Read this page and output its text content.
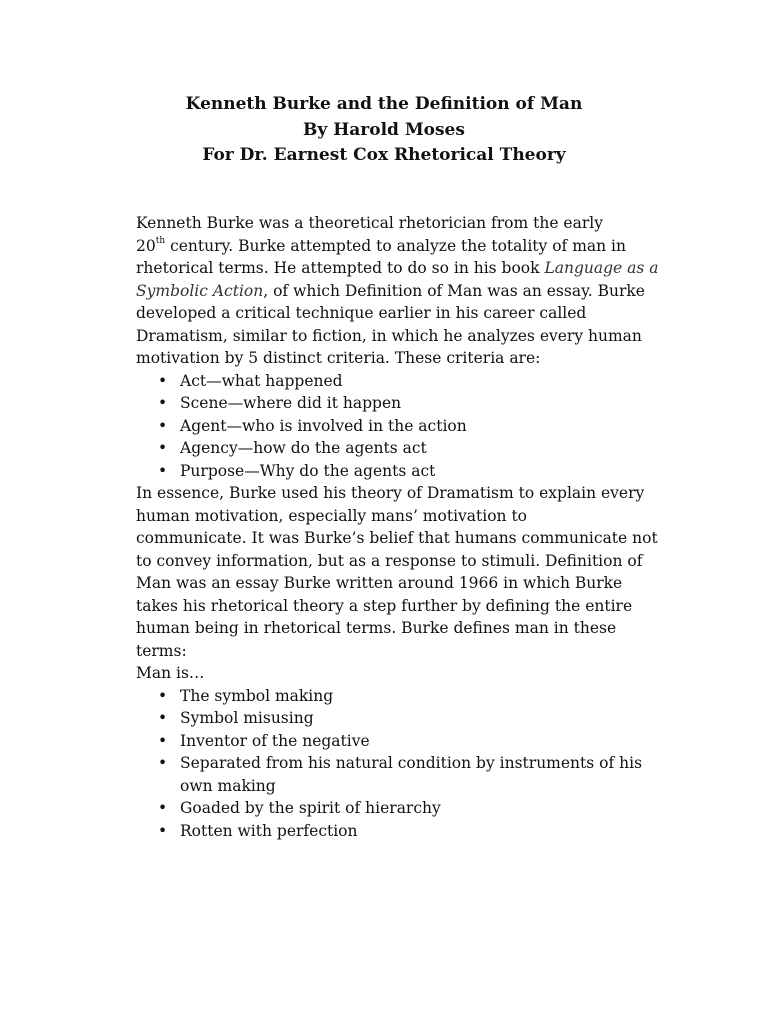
Kenneth Burke and the Definition of Man
By Harold Moses
For Dr. Earnest Cox Rhetorical Theory
Kenneth Burke was a theoretical rhetorician from the early
20th century. Burke attempted to analyze the totality of man in
rhetorical terms. He attempted to do so in his book Language as a
Symbolic Action, of which Definition of Man was an essay. Burke
developed a critical technique earlier in his career called
Dramatism, similar to fiction, in which he analyzes every human
motivation by 5 distinct criteria. These criteria are:
• Act—what happened
• Scene—where did it happen
• Agent—who is involved in the action
• Agency—how do the agents act
• Purpose—Why do the agents act
In essence, Burke used his theory of Dramatism to explain every
human motivation, especially mans’ motivation to
communicate. It was Burke’s belief that humans communicate not
to convey information, but as a response to stimuli. Definition of
Man was an essay Burke written around 1966 in which Burke
takes his rhetorical theory a step further by defining the entire
human being in rhetorical terms. Burke defines man in these
terms:
Man is…
• The symbol making
• Symbol misusing
• Inventor of the negative
• Separated from his natural condition by instruments of his
own making
• Goaded by the spirit of hierarchy
• Rotten with perfection
